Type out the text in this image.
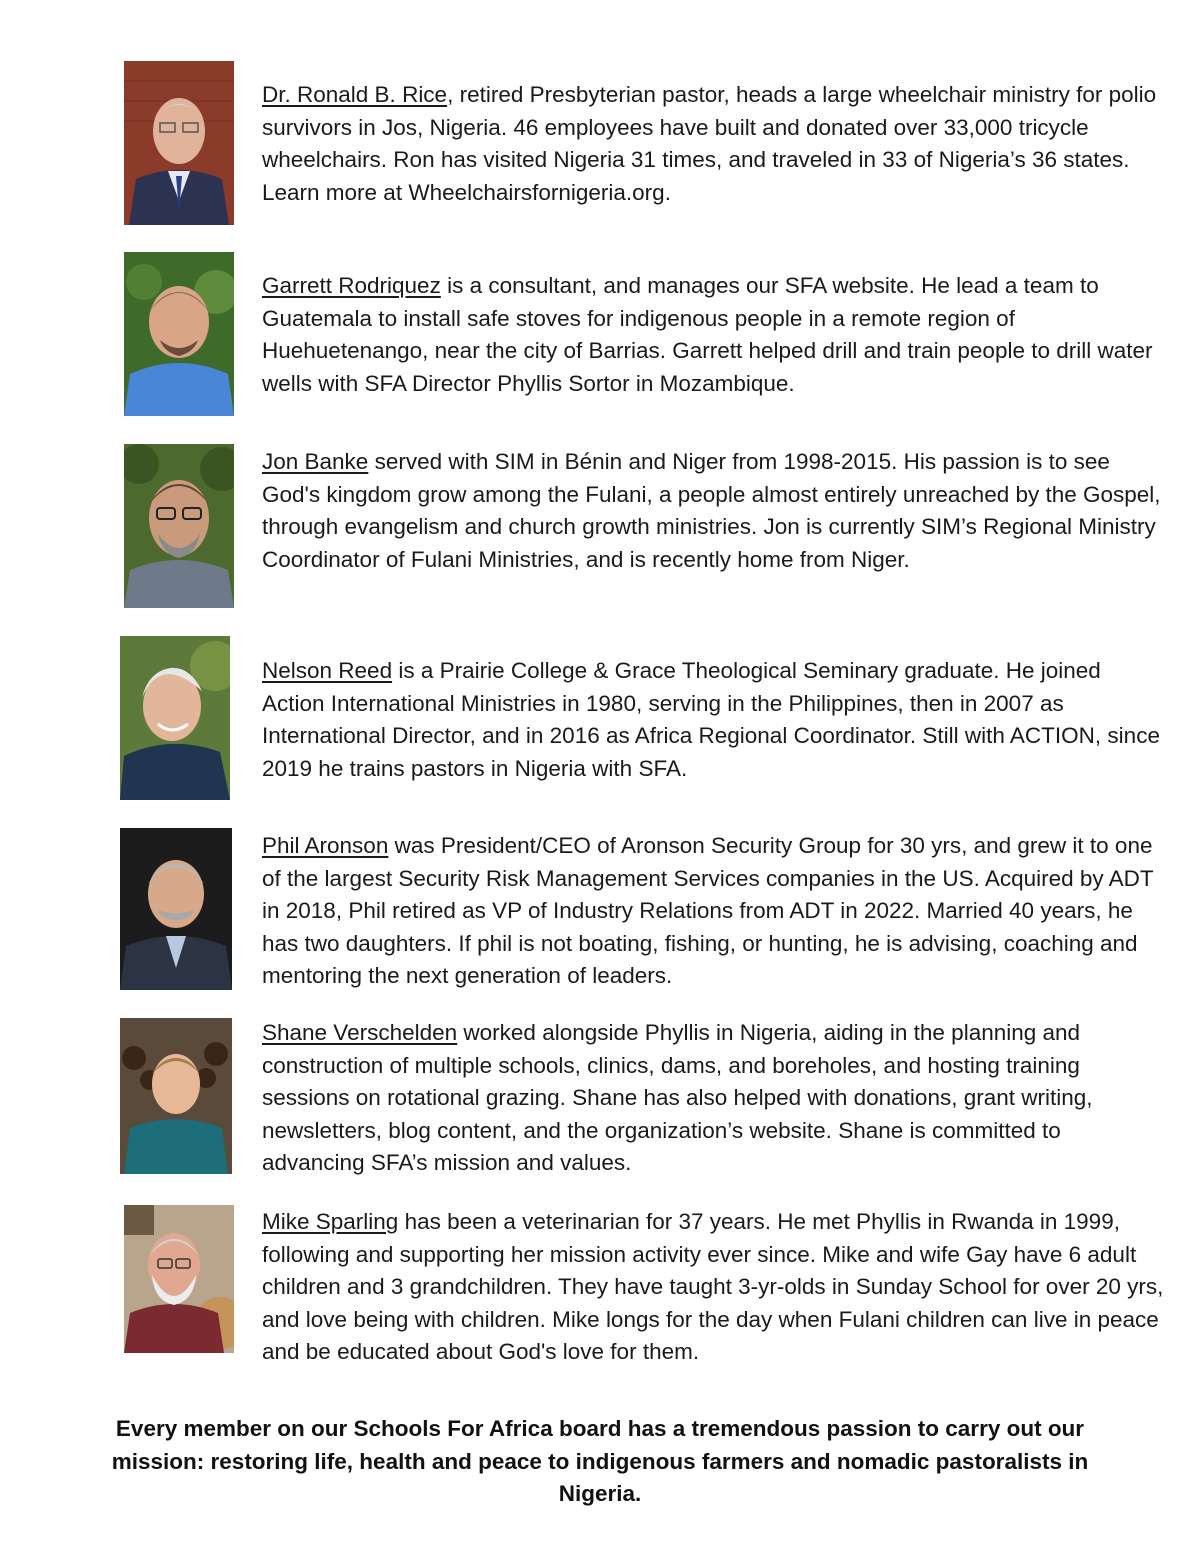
Dr. Ronald B. Rice, retired Presbyterian pastor, heads a large wheelchair ministry for polio survivors in Jos, Nigeria. 46 employees have built and donated over 33,000 tricycle wheelchairs. Ron has visited Nigeria 31 times, and traveled in 33 of Nigeria’s 36 states. Learn more at Wheelchairsfornigeria.org.

Garrett Rodriquez is a consultant, and manages our SFA website. He lead a team to Guatemala to install safe stoves for indigenous people in a remote region of Huehuetenango, near the city of Barrias. Garrett helped drill and train people to drill water wells with SFA Director Phyllis Sortor in Mozambique.

Jon Banke served with SIM in Bénin and Niger from 1998-2015. His passion is to see God's kingdom grow among the Fulani, a people almost entirely unreached by the Gospel, through evangelism and church growth ministries. Jon is currently SIM’s Regional Ministry Coordinator of Fulani Ministries, and is recently home from Niger.

Nelson Reed is a Prairie College & Grace Theological Seminary graduate. He joined Action International Ministries in 1980, serving in the Philippines, then in 2007 as International Director, and in 2016 as Africa Regional Coordinator. Still with ACTION, since 2019 he trains pastors in Nigeria with SFA.

Phil Aronson was President/CEO of Aronson Security Group for 30 yrs, and grew it to one of the largest Security Risk Management Services companies in the US. Acquired by ADT in 2018, Phil retired as VP of Industry Relations from ADT in 2022. Married 40 years, he has two daughters. If phil is not boating, fishing, or hunting, he is advising, coaching and mentoring the next generation of leaders.

Shane Verschelden worked alongside Phyllis in Nigeria, aiding in the planning and construction of multiple schools, clinics, dams, and boreholes, and hosting training sessions on rotational grazing. Shane has also helped with donations, grant writing, newsletters, blog content, and the organization’s website. Shane is committed to advancing SFA’s mission and values.

Mike Sparling has been a veterinarian for 37 years. He met Phyllis in Rwanda in 1999, following and supporting her mission activity ever since. Mike and wife Gay have 6 adult children and 3 grandchildren. They have taught 3-yr-olds in Sunday School for over 20 yrs, and love being with children. Mike longs for the day when Fulani children can live in peace and be educated about God's love for them.

Every member on our Schools For Africa board has a tremendous passion to carry out our mission: restoring life, health and peace to indigenous farmers and nomadic pastoralists in Nigeria.
